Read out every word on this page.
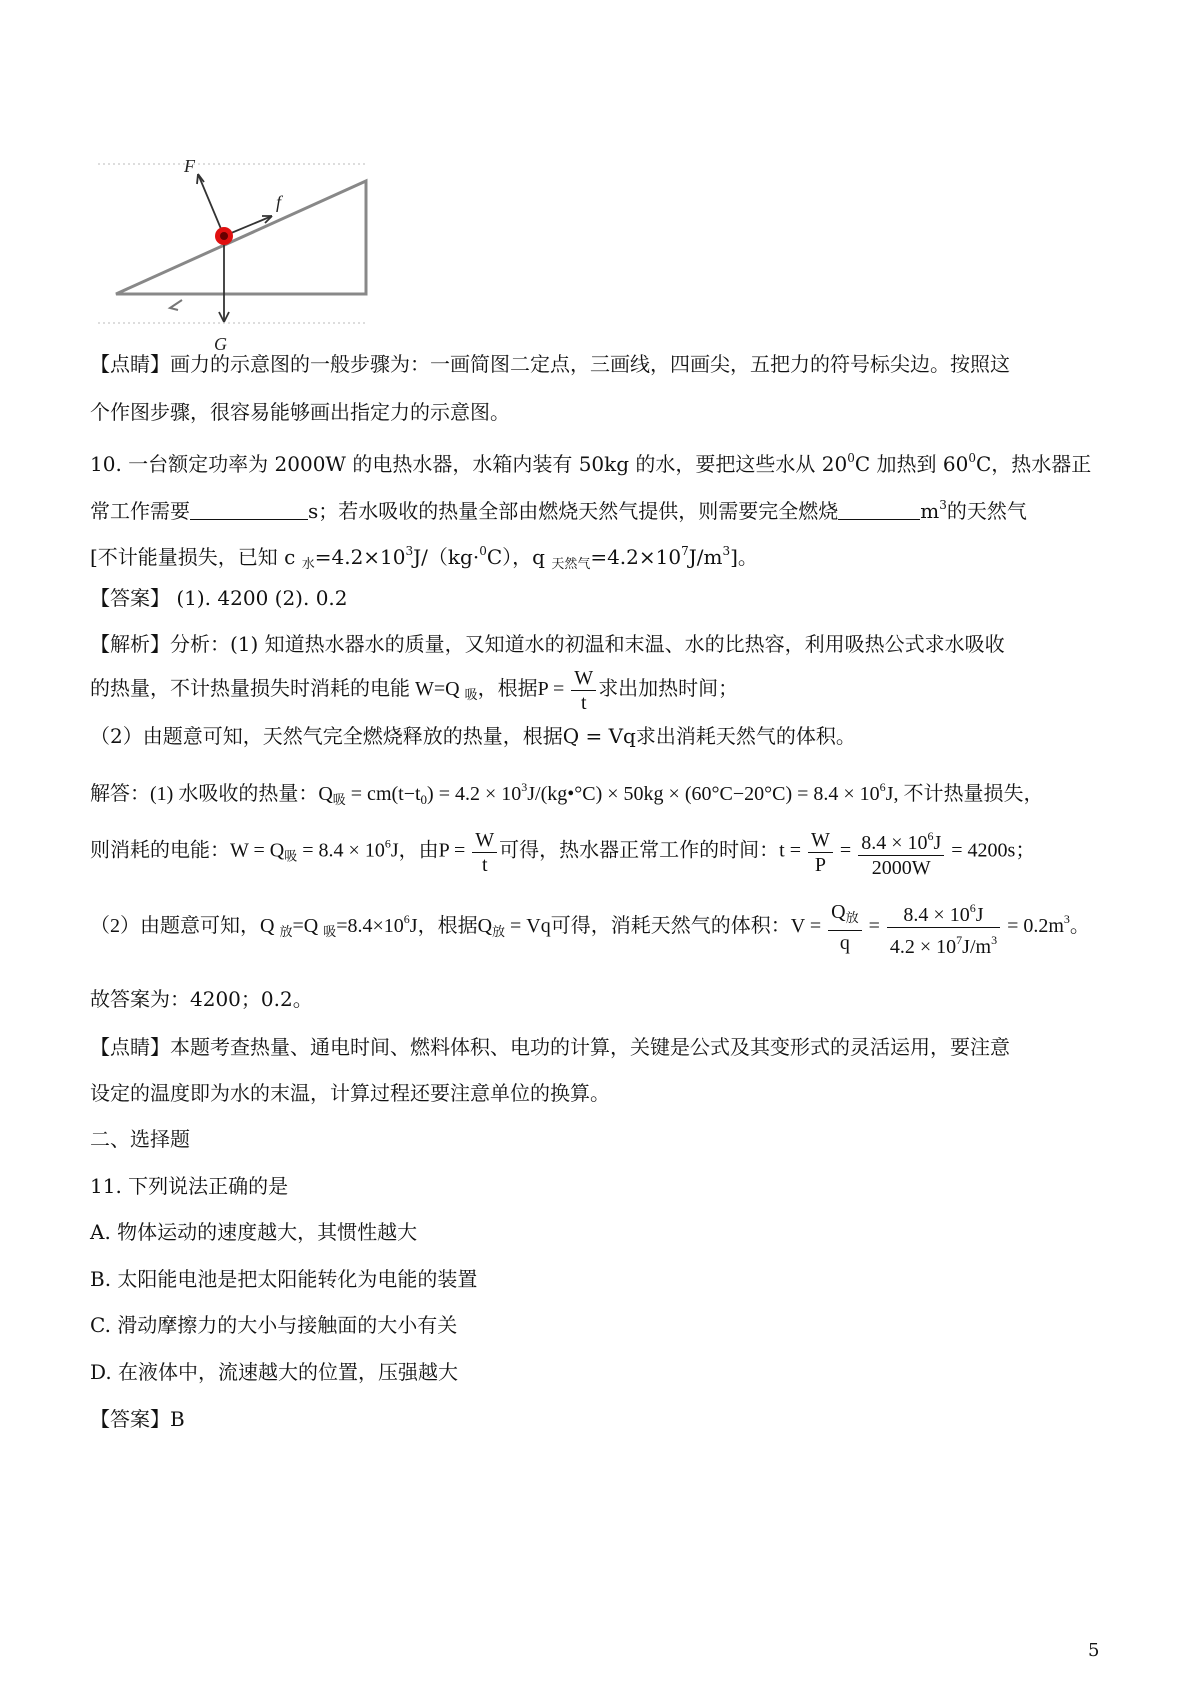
F
f
G
【点睛】画力的示意图的一般步骤为：一画简图二定点，三画线，四画尖，五把力的符号标尖边。按照这
个作图步骤，很容易能够画出指定力的示意图。
10. 一台额定功率为 2000W 的电热水器，水箱内装有 50kg 的水，要把这些水从 $20^0C$ 加热到 $60^0C$，热水器正
常工作需要	s；若水吸收的热量全部由燃烧天然气提供，则需要完全燃烧	$m^3$的天然气
[不计能量损失，已知 c $_水=4.2\times 10^3J/(kg\cdot^0C)$，q $_{天然气}=4.2\times 10^7J/m^3$]。
【答案】 (1). 4200 (2). 0.2
【解析】分析：(1) 知道热水器水的质量，又知道水的初温和末温、水的比热容，利用吸热公式求水吸收
的热量，不计热量损失时消耗的电能 W=Q $_吸$，根据$P = \frac{W}{t}$ 求出加热时间；
（2）由题意可知，天然气完全燃烧释放的热量，根据Q = Vq求出消耗天然气的体积。
解答：(1) 水吸收的热量：$Q_吸 = cm(t-t_0) = 4.2$ × $10^3J/(kg•^\circ C) \times 50kg \times (60^\circ C-20^\circ C) = 8.4 \times 10^6J$, 不计热量损失，
则消耗的电能：$W = Q_吸 = 8.4 \times 10^6J$，由$P = \frac{W}{t}$ 可得，热水器正常工作的时间：$t = \frac{W}{P} = \frac{8.4 \times 10^6J}{2000W} = 4200s$；
（2）由题意可知，Q $_放$=Q $_吸=8.4\times 10^6J$，根据$Q_放 = Vq$可得，消耗天然气的体积：$V = \frac{Q_放}{q} = \frac{8.4 \times 10^6J}{4.2 \times 10^7J/m^3} = 0.2m^3$。
故答案为：4200；0.2。
【点睛】本题考查热量、通电时间、燃料体积、电功的计算，关键是公式及其变形式的灵活运用，要注意
设定的温度即为水的末温，计算过程还要注意单位的换算。
二、选择题
11. 下列说法正确的是
A. 物体运动的速度越大，其惯性越大
B. 太阳能电池是把太阳能转化为电能的装置
C. 滑动摩擦力的大小与接触面的大小有关
D. 在液体中，流速越大的位置，压强越大
【答案】B
5
